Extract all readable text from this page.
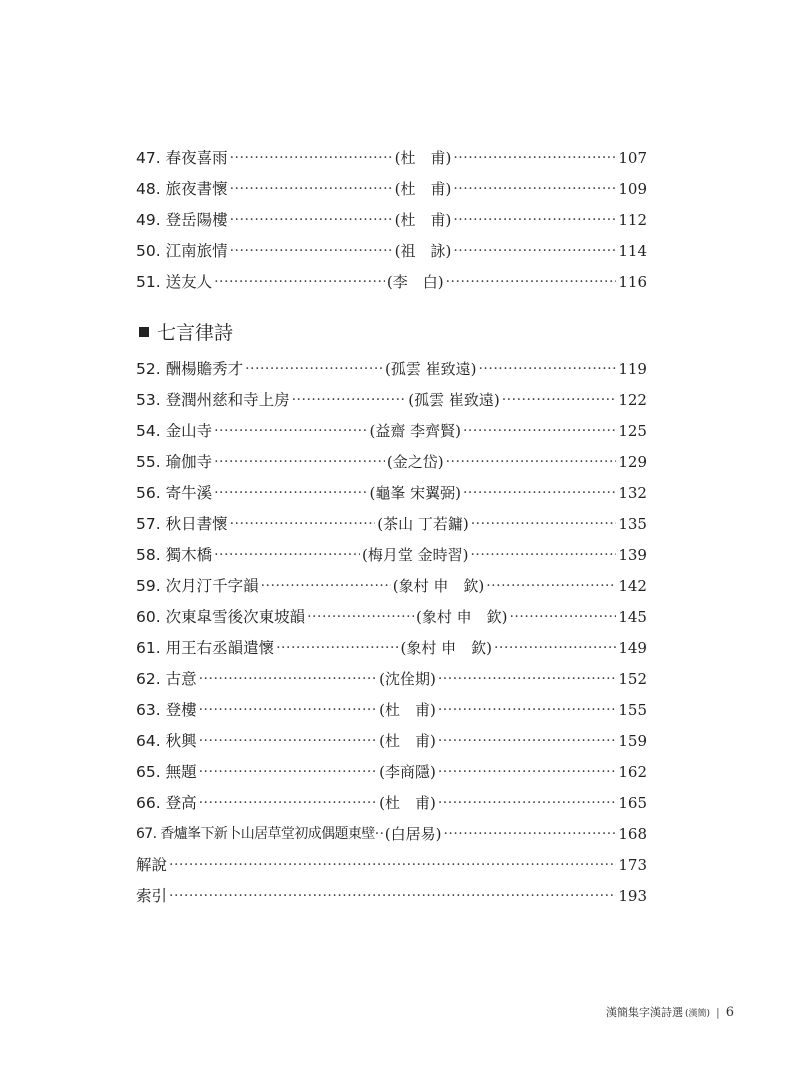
47. 春夜喜雨 ·····	(杜　甫) ·····	107
48. 旅夜書懷 ·····	(杜　甫) ·····	109
49. 登岳陽樓 ·····	(杜　甫) ·····	112
50. 江南旅情 ·····	(祖　詠) ·····	114
51. 送友人 ·····	(李　白) ·····	116
七言律詩
52. 酬楊贍秀才 ·····	(孤雲 崔致遠) ·····	119
53. 登潤州慈和寺上房 ·····	(孤雲 崔致遠) ·····	122
54. 金山寺 ·····	(益齋 李齊賢) ·····	125
55. 瑜伽寺 ·····	(金之岱) ·····	129
56. 寄牛溪 ·····	(龜峯 宋翼弼) ·····	132
57. 秋日書懷 ·····	(茶山 丁若鏞) ·····	135
58. 獨木橋 ·····	(梅月堂 金時習) ·····	139
59. 次月汀千字韻 ·····	(象村 申　欽) ·····	142
60. 次東皐雪後次東坡韻 ·····	(象村 申　欽) ·····	145
61. 用王右丞韻遣懷 ·····	(象村 申　欽) ·····	149
62. 古意 ·····	(沈佺期) ·····	152
63. 登樓 ·····	(杜　甫) ·····	155
64. 秋興 ·····	(杜　甫) ·····	159
65. 無題 ·····	(李商隱) ·····	162
66. 登高 ·····	(杜　甫) ·····	165
67. 香爐峯下新卜山居草堂初成偶題東壁 ····· (白居易) ·····	168
解說 ·····	173
索引 ·····	193
漢簡集字漢詩選 (漢簡) | 6
